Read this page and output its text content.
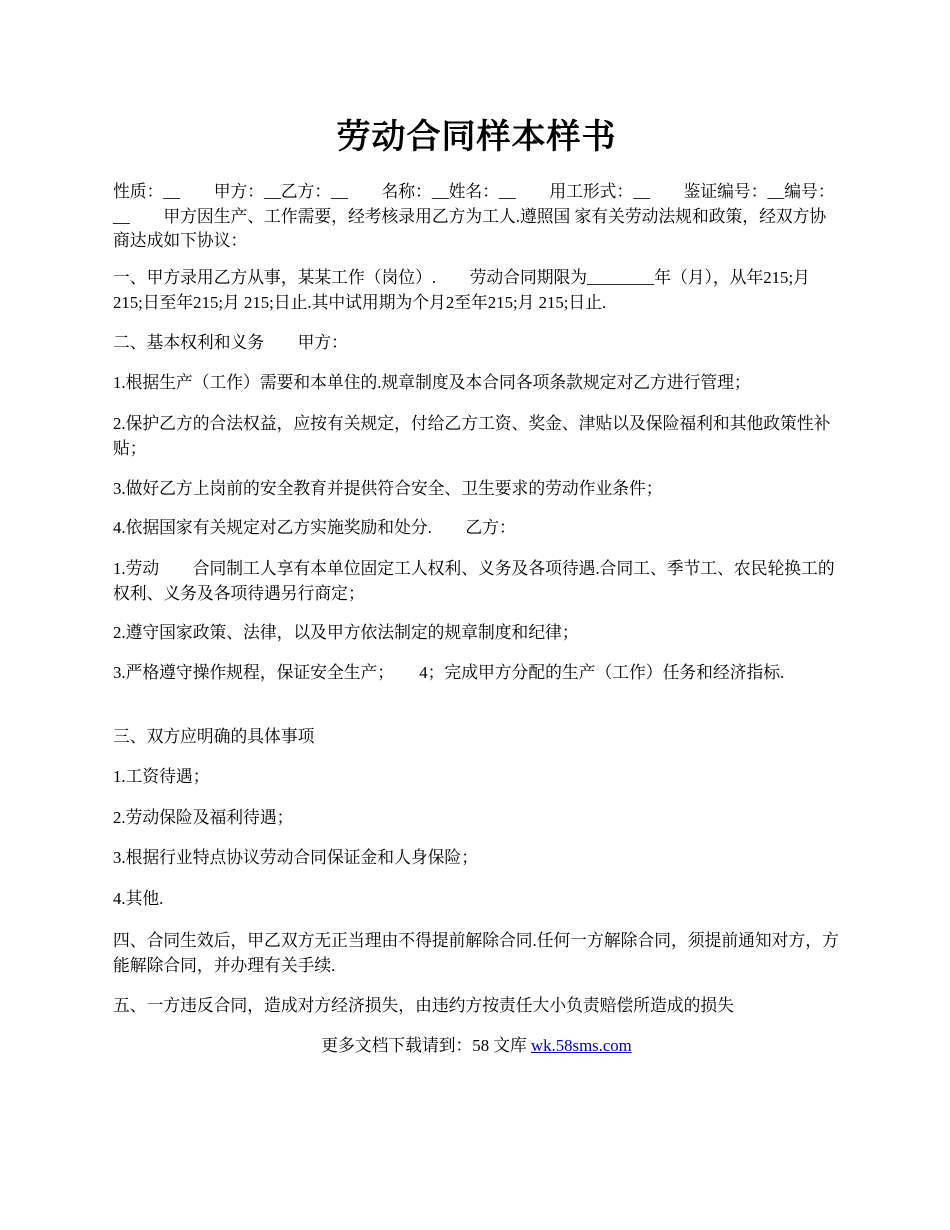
劳动合同样本样书
性质：__　　甲方：__乙方：__　　名称：__姓名：__　　用工形式：__　　鉴证编号：__编号：__　　甲方因生产、工作需要，经考核录用乙方为工人.遵照国 家有关劳动法规和政策，经双方协商达成如下协议：
一、甲方录用乙方从事，某某工作（岗位）.　　劳动合同期限为________年（月），从年215;月 215;日至年215;月 215;日止.其中试用期为个月2至年215;月 215;日止.
二、基本权利和义务　　甲方：
1.根据生产（工作）需要和本单住的.规章制度及本合同各项条款规定对乙方进行管理；
2.保护乙方的合法权益，应按有关规定，付给乙方工资、奖金、津贴以及保险福利和其他政策性补贴；
3.做好乙方上岗前的安全教育并提供符合安全、卫生要求的劳动作业条件；
4.依据国家有关规定对乙方实施奖励和处分.　　乙方：
1.劳动　　合同制工人享有本单位固定工人权利、义务及各项待遇.合同工、季节工、农民轮换工的权利、义务及各项待遇另行商定；
2.遵守国家政策、法律，以及甲方依法制定的规章制度和纪律；
3.严格遵守操作规程，保证安全生产；　　4；完成甲方分配的生产（工作）任务和经济指标.
三、双方应明确的具体事项
1.工资待遇；
2.劳动保险及福利待遇；
3.根据行业特点协议劳动合同保证金和人身保险；
4.其他.
四、合同生效后，甲乙双方无正当理由不得提前解除合同.任何一方解除合同，须提前通知对方，方能解除合同，并办理有关手续.
五、一方违反合同，造成对方经济损失，由违约方按责任大小负责赔偿所造成的损失
更多文档下载请到：58 文库 wk.58sms.com
